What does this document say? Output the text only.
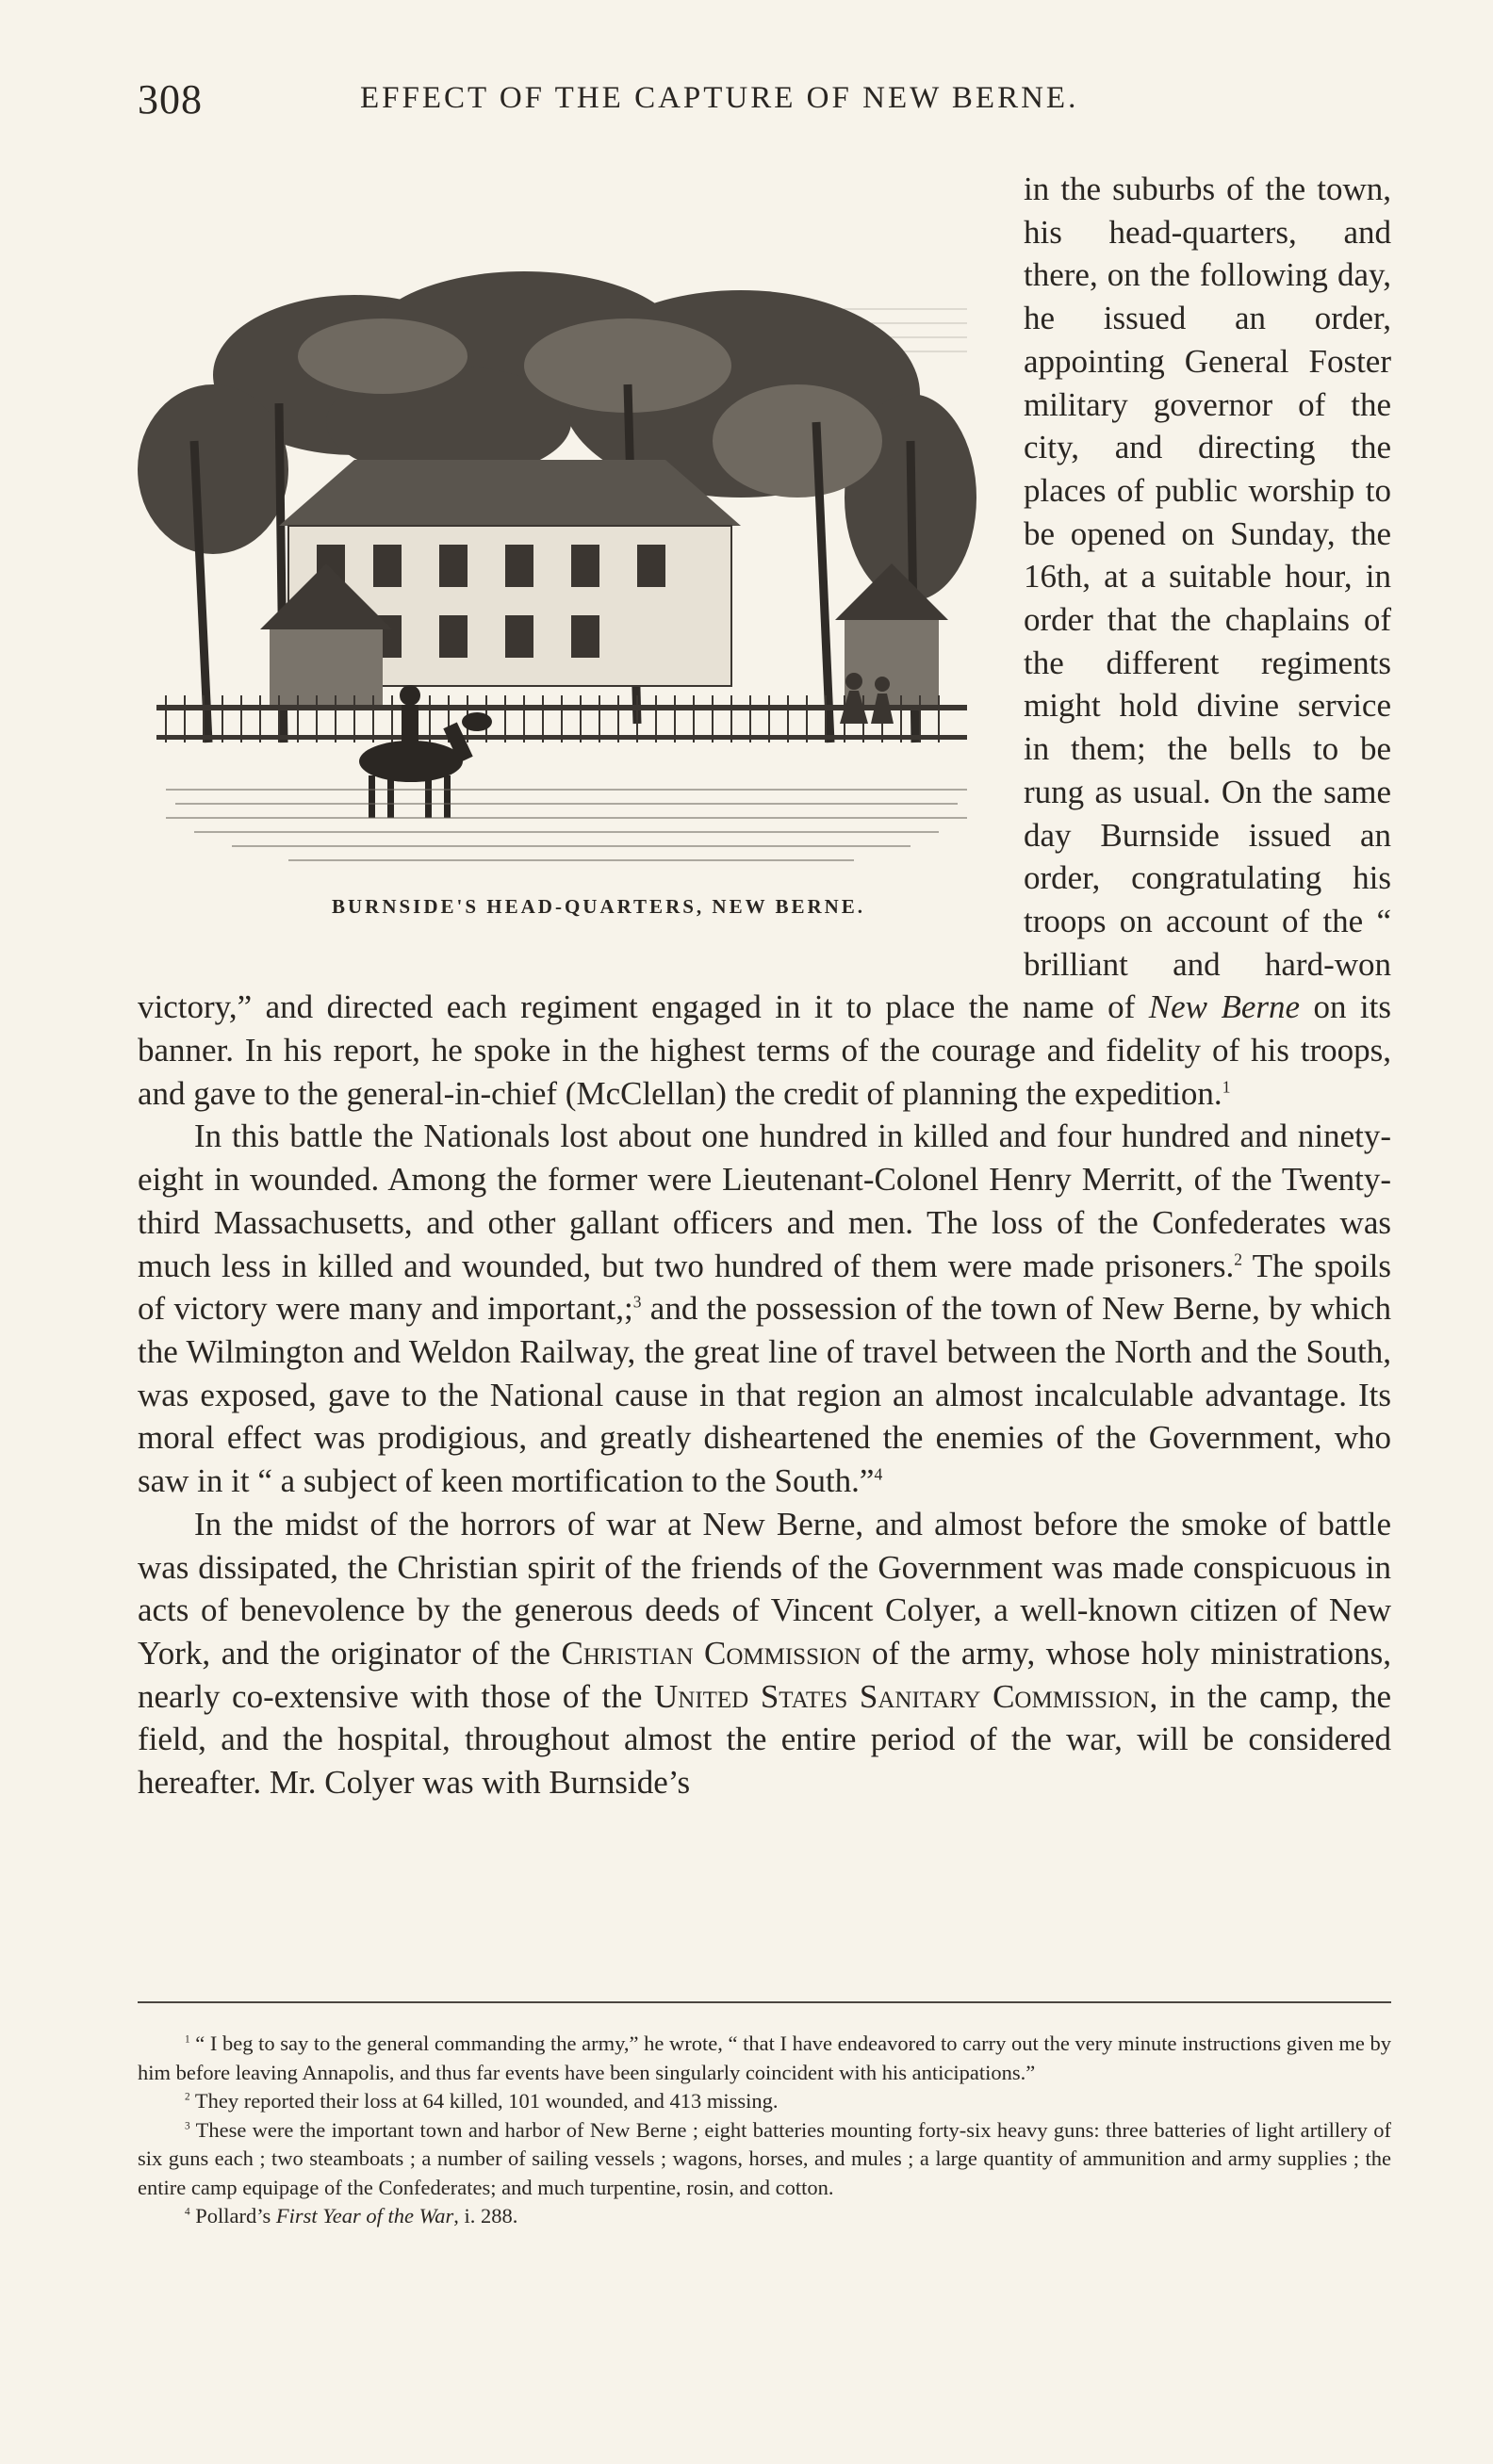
308	EFFECT OF THE CAPTURE OF NEW BERNE.

BURNSIDE'S HEAD-QUARTERS, NEW BERNE.
in the suburbs of the town, his head-quarters, and there, on the following day, he issued an order, appointing General Foster military governor of the city, and directing the places of public worship to be opened on Sunday, the 16th, at a suitable hour, in order that the chaplains of the different regiments might hold divine service in them; the bells to be rung as usual. On the same day Burnside issued an order, congratulating his troops on account of the “ brilliant and hard-won victory,” and directed each regiment engaged in it to place the name of New Berne on its banner. In his report, he spoke in the highest terms of the courage and fidelity of his troops, and gave to the general-in-chief (McClellan) the credit of planning the expedition.$^1$

In this battle the Nationals lost about one hundred in killed and four hundred and ninety-eight in wounded. Among the former were Lieutenant-Colonel Henry Merritt, of the Twenty-third Massachusetts, and other gallant officers and men. The loss of the Confederates was much less in killed and wounded, but two hundred of them were made prisoners.$^2$ The spoils of victory were many and important,;$^3$ and the possession of the town of New Berne, by which the Wilmington and Weldon Railway, the great line of travel between the North and the South, was exposed, gave to the National cause in that region an almost incalculable advantage. Its moral effect was prodigious, and greatly disheartened the enemies of the Government, who saw in it “ a subject of keen mortification to the South.”$^4$

In the midst of the horrors of war at New Berne, and almost before the smoke of battle was dissipated, the Christian spirit of the friends of the Government was made conspicuous in acts of benevolence by the generous deeds of Vincent Colyer, a well-known citizen of New York, and the originator of the Christian Commission of the army, whose holy ministrations, nearly co-extensive with those of the United States Sanitary Commission, in the camp, the field, and the hospital, throughout almost the entire period of the war, will be considered hereafter. Mr. Colyer was with Burnside’s

$^1$ “ I beg to say to the general commanding the army,” he wrote, “ that I have endeavored to carry out the very minute instructions given me by him before leaving Annapolis, and thus far events have been singularly coincident with his anticipations.”

$^2$ They reported their loss at 64 killed, 101 wounded, and 413 missing.

$^3$ These were the important town and harbor of New Berne ; eight batteries mounting forty-six heavy guns: three batteries of light artillery of six guns each ; two steamboats ; a number of sailing vessels ; wagons, horses, and mules ; a large quantity of ammunition and army supplies ; the entire camp equipage of the Confederates; and much turpentine, rosin, and cotton.

$^4$ Pollard’s First Year of the War, i. 288.
